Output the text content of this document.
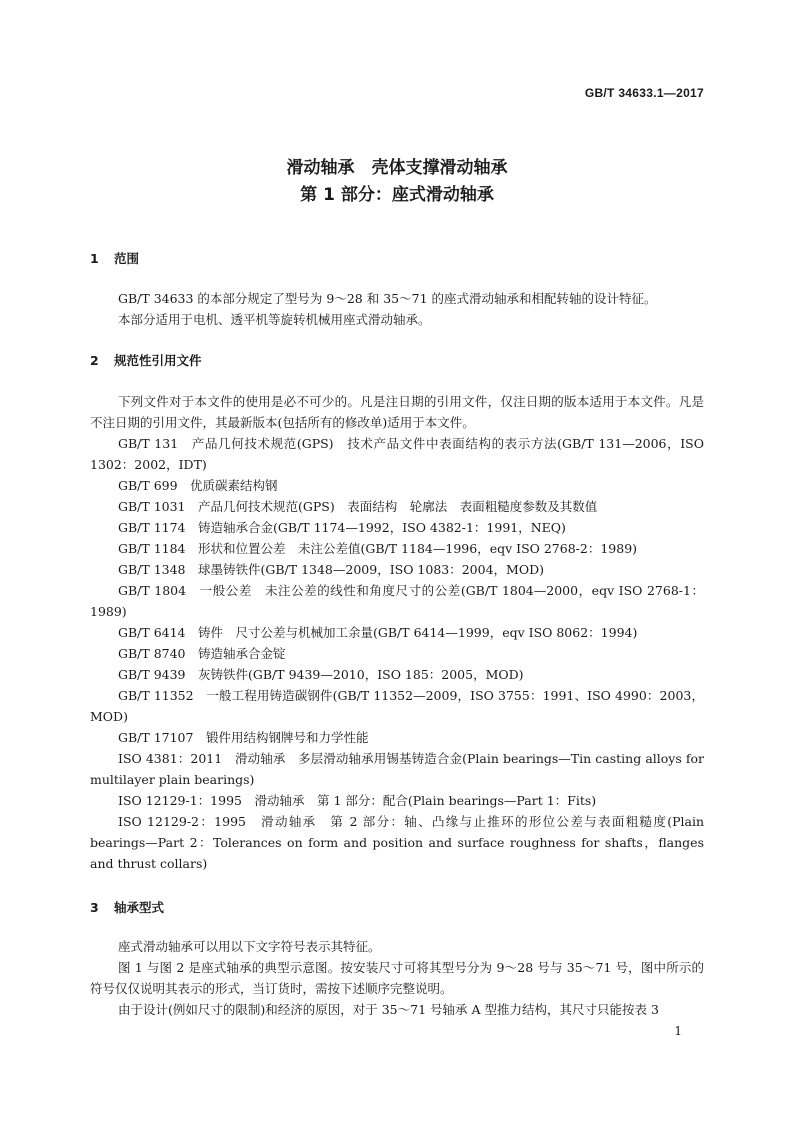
GB/T 34633.1—2017
滑动轴承　壳体支撑滑动轴承
第 1 部分：座式滑动轴承
1 范围
GB/T 34633 的本部分规定了型号为 9～28 和 35～71 的座式滑动轴承和相配转轴的设计特征。
本部分适用于电机、透平机等旋转机械用座式滑动轴承。
2 规范性引用文件
下列文件对于本文件的使用是必不可少的。凡是注日期的引用文件，仅注日期的版本适用于本文件。凡是不注日期的引用文件，其最新版本(包括所有的修改单)适用于本文件。
GB/T 131　产品几何技术规范(GPS)　技术产品文件中表面结构的表示方法(GB/T 131—2006，ISO 1302：2002，IDT)
GB/T 699　优质碳素结构钢
GB/T 1031　产品几何技术规范(GPS)　表面结构　轮廓法　表面粗糙度参数及其数值
GB/T 1174　铸造轴承合金(GB/T 1174—1992，ISO 4382-1：1991，NEQ)
GB/T 1184　形状和位置公差　未注公差值(GB/T 1184—1996，eqv ISO 2768-2：1989)
GB/T 1348　球墨铸铁件(GB/T 1348—2009，ISO 1083：2004，MOD)
GB/T 1804　一般公差　未注公差的线性和角度尺寸的公差(GB/T 1804—2000，eqv ISO 2768-1：1989)
GB/T 6414　铸件　尺寸公差与机械加工余量(GB/T 6414—1999，eqv ISO 8062：1994)
GB/T 8740　铸造轴承合金锭
GB/T 9439　灰铸铁件(GB/T 9439—2010，ISO 185：2005，MOD)
GB/T 11352　一般工程用铸造碳钢件(GB/T 11352—2009，ISO 3755：1991、ISO 4990：2003，MOD)
GB/T 17107　锻件用结构钢牌号和力学性能
ISO 4381：2011　滑动轴承　多层滑动轴承用锡基铸造合金(Plain bearings—Tin casting alloys for multilayer plain bearings)
ISO 12129-1：1995　滑动轴承　第 1 部分：配合(Plain bearings—Part 1：Fits)
ISO 12129-2：1995　滑动轴承　第 2 部分：轴、凸缘与止推环的形位公差与表面粗糙度(Plain bearings—Part 2：Tolerances on form and position and surface roughness for shafts，flanges and thrust collars)
3 轴承型式
座式滑动轴承可以用以下文字符号表示其特征。
图 1 与图 2 是座式轴承的典型示意图。按安装尺寸可将其型号分为 9～28 号与 35～71 号，图中所示的符号仅仅说明其表示的形式，当订货时，需按下述顺序完整说明。
由于设计(例如尺寸的限制)和经济的原因，对于 35～71 号轴承 A 型推力结构，其尺寸只能按表 3
1
